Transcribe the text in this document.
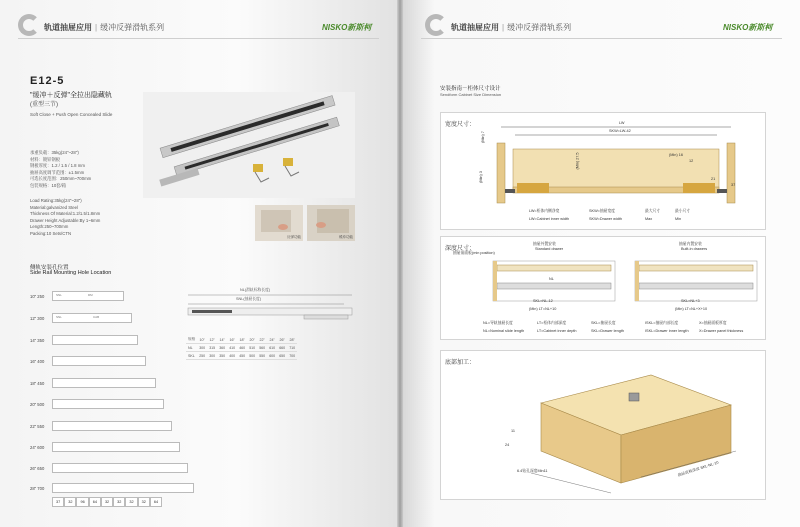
轨道抽屉应用 | 缓冲反弹滑轨系列	NISKO新斯柯
E12-5
"缓冲＋反弹"全拉出隐藏轨
(重型三节)
Soft Close + Push Open Concealed Slide
承重负载：35kg(24"~28")
材料：镀锌钢板
钢板厚度：1.2 / 1.5 / 1.8 mm
抽屉高度调节范围：±1.5mm
可选长度范围：250mm~700mm
包装规格：10套/箱
Load Rating:35kg(24"~28")
Material:galvanized Steel
Thickness Of Material:1.2/1.5/1.8mm
Drawer Height Adjustable:By 1~6mm
Length:250~700mm
Packing:10 Sets/CTN
反弹功能	缓冲功能
侧轨安装孔位置
Side Rail Mounting Hole Location
10" 250	SNL	DM
12" 300	SNL	CAB
14" 350
16" 400
18" 450
20" 500
22" 550
24" 600
26" 650
28" 700
37	32	96	64	32	32	32	32	64
NL(滑轨标称长度)
SNL(抽屉长度)
规格	10"	12"	14"	16"	18"	20"	22"	24"	26"	28"
NL	300	315	360	410	460	510	560	610	660	710
SKL	250	300	350	400	450	500	550	600	650	700
轨道抽屉应用 | 缓冲反弹滑轨系列	NISKO新斯柯
安装指南－柜体尺寸设计
Sendform Cabinet Size Dimension
宽度尺寸：	LW
SKW=LW-42
(Min) 16
(Min) 7
(Min) 3
(Min) 27.5	12
21
37
LW=柜体内侧净宽	SKW=抽屉宽度	最大尺寸	最小尺寸
LW=Cabinet inner width	SKW=Drawer width	Max	Min
深度尺寸：
抽屉外置安装
Standard drawer
抽屉内置安装
Built-in drawers
抽屉前面板(min position)
NL
SKL=NL-12
(Min) LT=NL+10
SKL=NL+3
(Min) LT=NL+X+10
NL=导轨抽屉长度	LT=柜体内部深度	SKL=抽屉长度	ISKL=抽屉内部长度	X=抽屉面板厚度
NL=Nominal slide length	LT=Cabinet inner depth	SKL=Drawer length	ISKL=Drawer inner length	X=Drawer panel thickness
底部加工：
6.4钻孔深度Min11	抽屉底板深度 SKL-NL-10
11
24
